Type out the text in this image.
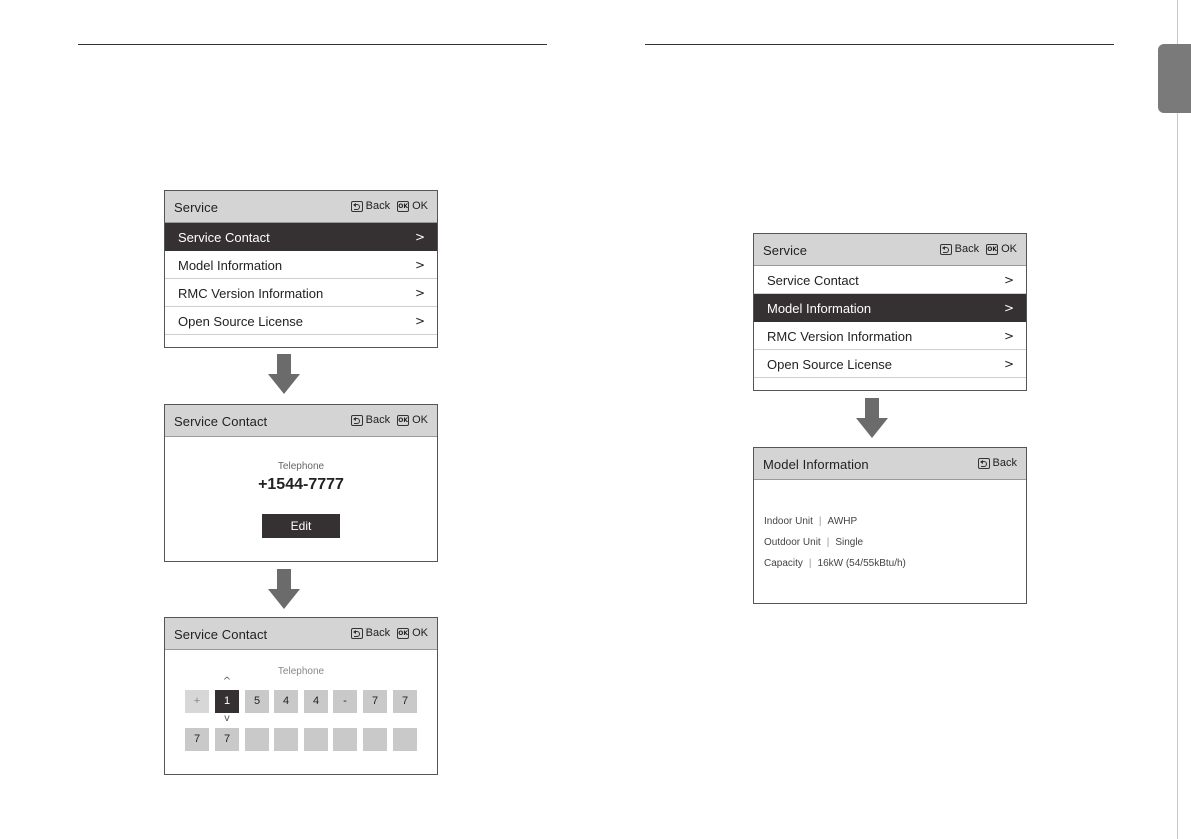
Service	Back OK OK
Service Contact	>
Model Information	>
RMC Version Information	>
Open Source License	>
Service Contact	Back OK OK
Telephone
+1544-7777
Edit
Service Contact	Back OK OK
Telephone
^
+	1	5	4	4	-	7	7
v
7	7
Service	Back OK OK
Service Contact	>
Model Information	>
RMC Version Information	>
Open Source License	>
Model Information	Back
Indoor Unit | AWHP
Outdoor Unit | Single
Capacity | 16kW (54/55kBtu/h)
